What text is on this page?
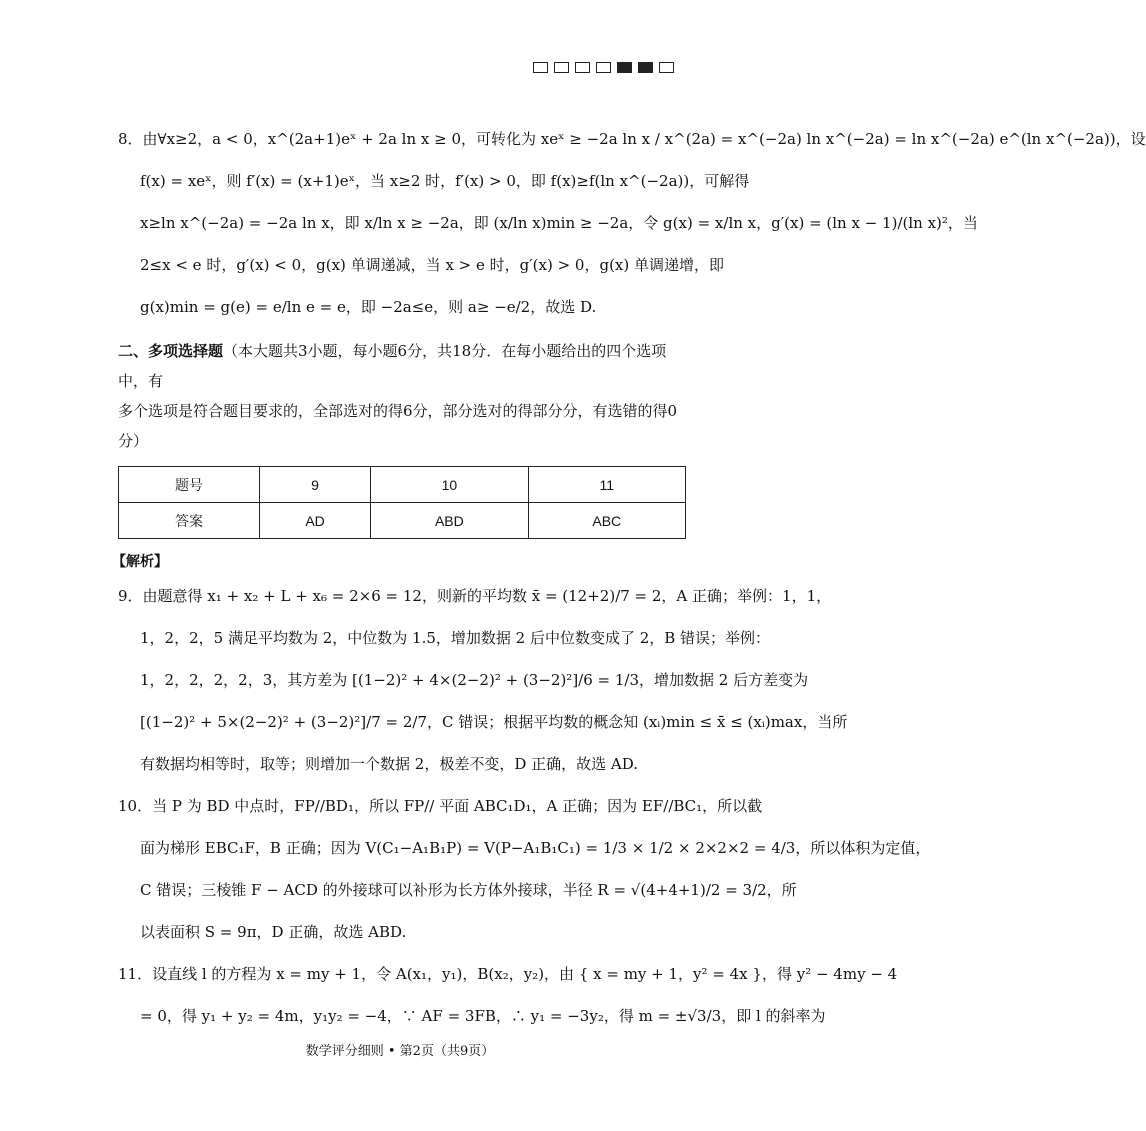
8．由∀x≥2，a < 0，x^(2a+1)eˣ + 2a ln x ≥ 0，可转化为 xeˣ ≥ −2a ln x / x^(2a) = x^(−2a) ln x^(−2a) = ln x^(−2a) e^(ln x^(−2a))，设
f(x) = xeˣ，则 f′(x) = (x+1)eˣ，当 x≥2 时，f′(x) > 0，即 f(x)≥f(ln x^(−2a))，可解得
x≥ln x^(−2a) = −2a ln x，即 x/ln x ≥ −2a，即 (x/ln x)min ≥ −2a，令 g(x) = x/ln x，g′(x) = (ln x − 1)/(ln x)²，当
2≤x < e 时，g′(x) < 0，g(x) 单调递减，当 x > e 时，g′(x) > 0，g(x) 单调递增，即
g(x)min = g(e) = e/ln e = e，即 −2a≤e，则 a≥ −e/2，故选 D.
二、多项选择题（本大题共3小题，每小题6分，共18分．在每小题给出的四个选项中，有
多个选项是符合题目要求的，全部选对的得6分，部分选对的得部分分，有选错的得0分）
题号	9	10	11
答案	AD	ABD	ABC
【解析】
9．由题意得 x₁ + x₂ + L + x₆ = 2×6 = 12，则新的平均数 x̄ = (12+2)/7 = 2，A 正确；举例：1，1，
1，2，2，5 满足平均数为 2，中位数为 1.5，增加数据 2 后中位数变成了 2，B 错误；举例：
1，2，2，2，2，3，其方差为 [(1−2)² + 4×(2−2)² + (3−2)²]/6 = 1/3，增加数据 2 后方差变为
[(1−2)² + 5×(2−2)² + (3−2)²]/7 = 2/7，C 错误；根据平均数的概念知 (xᵢ)min ≤ x̄ ≤ (xᵢ)max，当所
有数据均相等时，取等；则增加一个数据 2，极差不变，D 正确，故选 AD.
10．当 P 为 BD 中点时，FP//BD₁，所以 FP// 平面 ABC₁D₁，A 正确；因为 EF//BC₁，所以截
面为梯形 EBC₁F，B 正确；因为 V(C₁−A₁B₁P) = V(P−A₁B₁C₁) = 1/3 × 1/2 × 2×2×2 = 4/3，所以体积为定值，
C 错误；三棱锥 F − ACD 的外接球可以补形为长方体外接球，半径 R = √(4+4+1)/2 = 3/2，所
以表面积 S = 9π，D 正确，故选 ABD.
11．设直线 l 的方程为 x = my + 1，令 A(x₁，y₁)，B(x₂，y₂)，由 { x = my + 1，y² = 4x }，得 y² − 4my − 4
= 0，得 y₁ + y₂ = 4m，y₁y₂ = −4，∵ AF = 3FB，∴ y₁ = −3y₂，得 m = ±√3/3，即 l 的斜率为
数学评分细则 • 第2页（共9页）
